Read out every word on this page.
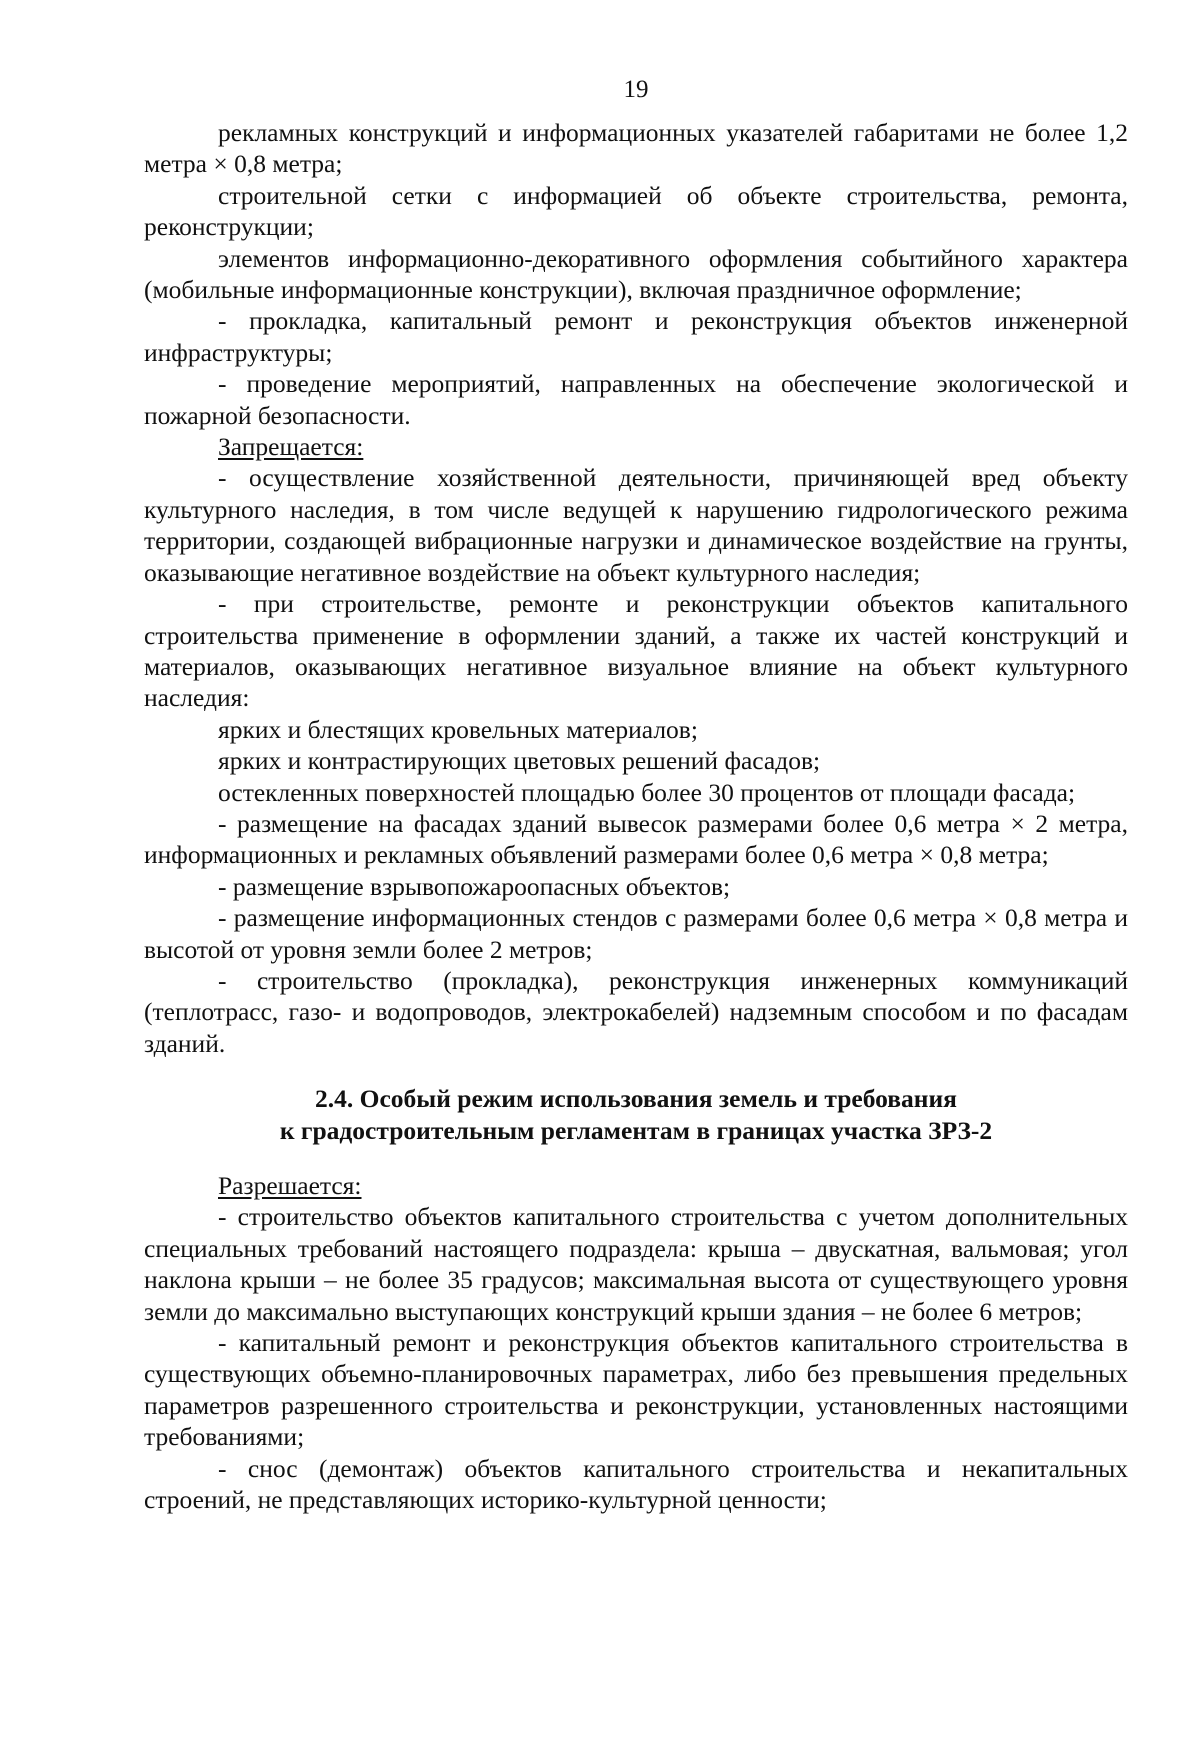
19

рекламных конструкций и информационных указателей габаритами не более 1,2 метра × 0,8 метра;

строительной сетки с информацией об объекте строительства, ремонта, реконструкции;

элементов информационно-декоративного оформления событийного характера (мобильные информационные конструкции), включая праздничное оформление;

- прокладка, капитальный ремонт и реконструкция объектов инженерной инфраструктуры;

- проведение мероприятий, направленных на обеспечение экологической и пожарной безопасности.

Запрещается:

- осуществление хозяйственной деятельности, причиняющей вред объекту культурного наследия, в том числе ведущей к нарушению гидрологического режима территории, создающей вибрационные нагрузки и динамическое воздействие на грунты, оказывающие негативное воздействие на объект культурного наследия;

- при строительстве, ремонте и реконструкции объектов капитального строительства применение в оформлении зданий, а также их частей конструкций и материалов, оказывающих негативное визуальное влияние на объект культурного наследия:

ярких и блестящих кровельных материалов;

ярких и контрастирующих цветовых решений фасадов;

остекленных поверхностей площадью более 30 процентов от площади фасада;

- размещение на фасадах зданий вывесок размерами более 0,6 метра × 2 метра, информационных и рекламных объявлений размерами более 0,6 метра × 0,8 метра;

- размещение взрывопожароопасных объектов;

- размещение информационных стендов с размерами более 0,6 метра × 0,8 метра и высотой от уровня земли более 2 метров;

- строительство (прокладка), реконструкция инженерных коммуникаций (теплотрасс, газо- и водопроводов, электрокабелей) надземным способом и по фасадам зданий.

2.4. Особый режим использования земель и требования
к градостроительным регламентам в границах участка ЗРЗ-2

Разрешается:

- строительство объектов капитального строительства с учетом дополнительных специальных требований настоящего подраздела: крыша – двускатная, вальмовая; угол наклона крыши – не более 35 градусов; максимальная высота от существующего уровня земли до максимально выступающих конструкций крыши здания – не более 6 метров;

- капитальный ремонт и реконструкция объектов капитального строительства в существующих объемно-планировочных параметрах, либо без превышения предельных параметров разрешенного строительства и реконструкции, установленных настоящими требованиями;

- снос (демонтаж) объектов капитального строительства и некапитальных строений, не представляющих историко-культурной ценности;
